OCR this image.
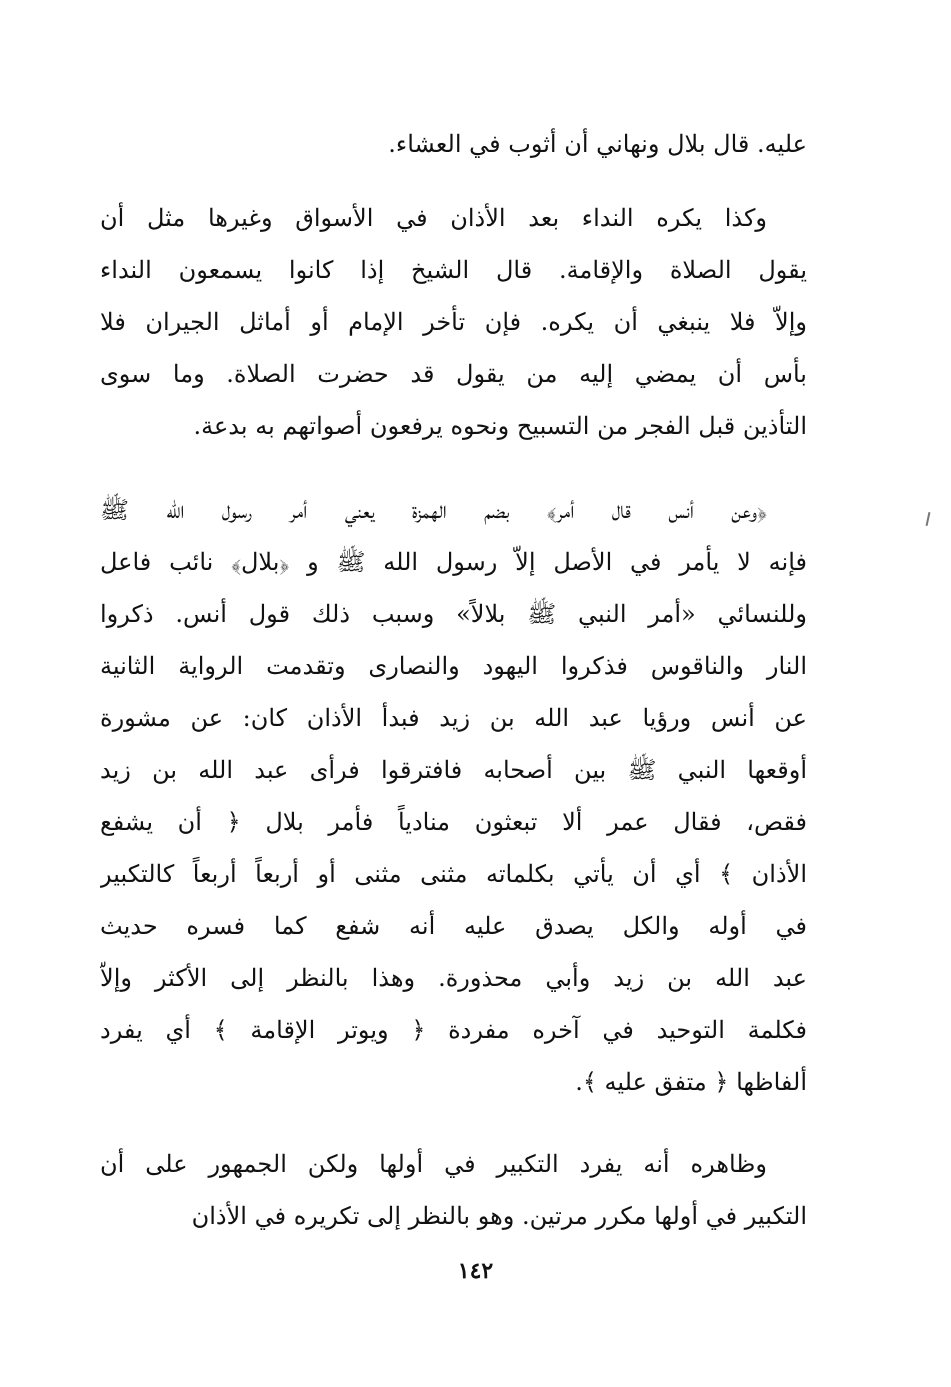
عليه. قال بلال ونهاني أن أثوب في العشاء.
وكذا يكره النداء بعد الأذان في الأسواق وغيرها مثل أن
يقول الصلاة والإقامة. قال الشيخ إذا كانوا يسمعون النداء
وإلاّ فلا ينبغي أن يكره. فإن تأخر الإمام أو أماثل الجيران فلا
بأس أن يمضي إليه من يقول قد حضرت الصلاة. وما سوى
التأذين قبل الفجر من التسبيح ونحوه يرفعون أصواتهم به بدعة.
﴿وعن أنس قال أمر﴾ بضم الهمزة يعني أمر رسول الله ﷺ
فإنه لا يأمر في الأصل إلاّ رسول الله ﷺ و ﴿بلال﴾ نائب فاعل
وللنسائي «أمر النبي ﷺ بلالاً» وسبب ذلك قول أنس. ذكروا
النار والناقوس فذكروا اليهود والنصارى وتقدمت الرواية الثانية
عن أنس ورؤيا عبد الله بن زيد فبدأ الأذان كان: عن مشورة
أوقعها النبي ﷺ بين أصحابه فافترقوا فرأى عبد الله بن زيد
فقص، فقال عمر ألا تبعثون منادياً فأمر بلال ﴿ أن يشفع
الأذان ﴾ أي أن يأتي بكلماته مثنى مثنى أو أربعاً أربعاً كالتكبير
في أوله والكل يصدق عليه أنه شفع كما فسره حديث
عبد الله بن زيد وأبي محذورة. وهذا بالنظر إلى الأكثر وإلاّ
فكلمة التوحيد في آخره مفردة ﴿ ويوتر الإقامة ﴾ أي يفرد
ألفاظها ﴿ متفق عليه ﴾.
وظاهره أنه يفرد التكبير في أولها ولكن الجمهور على أن
التكبير في أولها مكرر مرتين. وهو بالنظر إلى تكريره في الأذان
١٤٢
